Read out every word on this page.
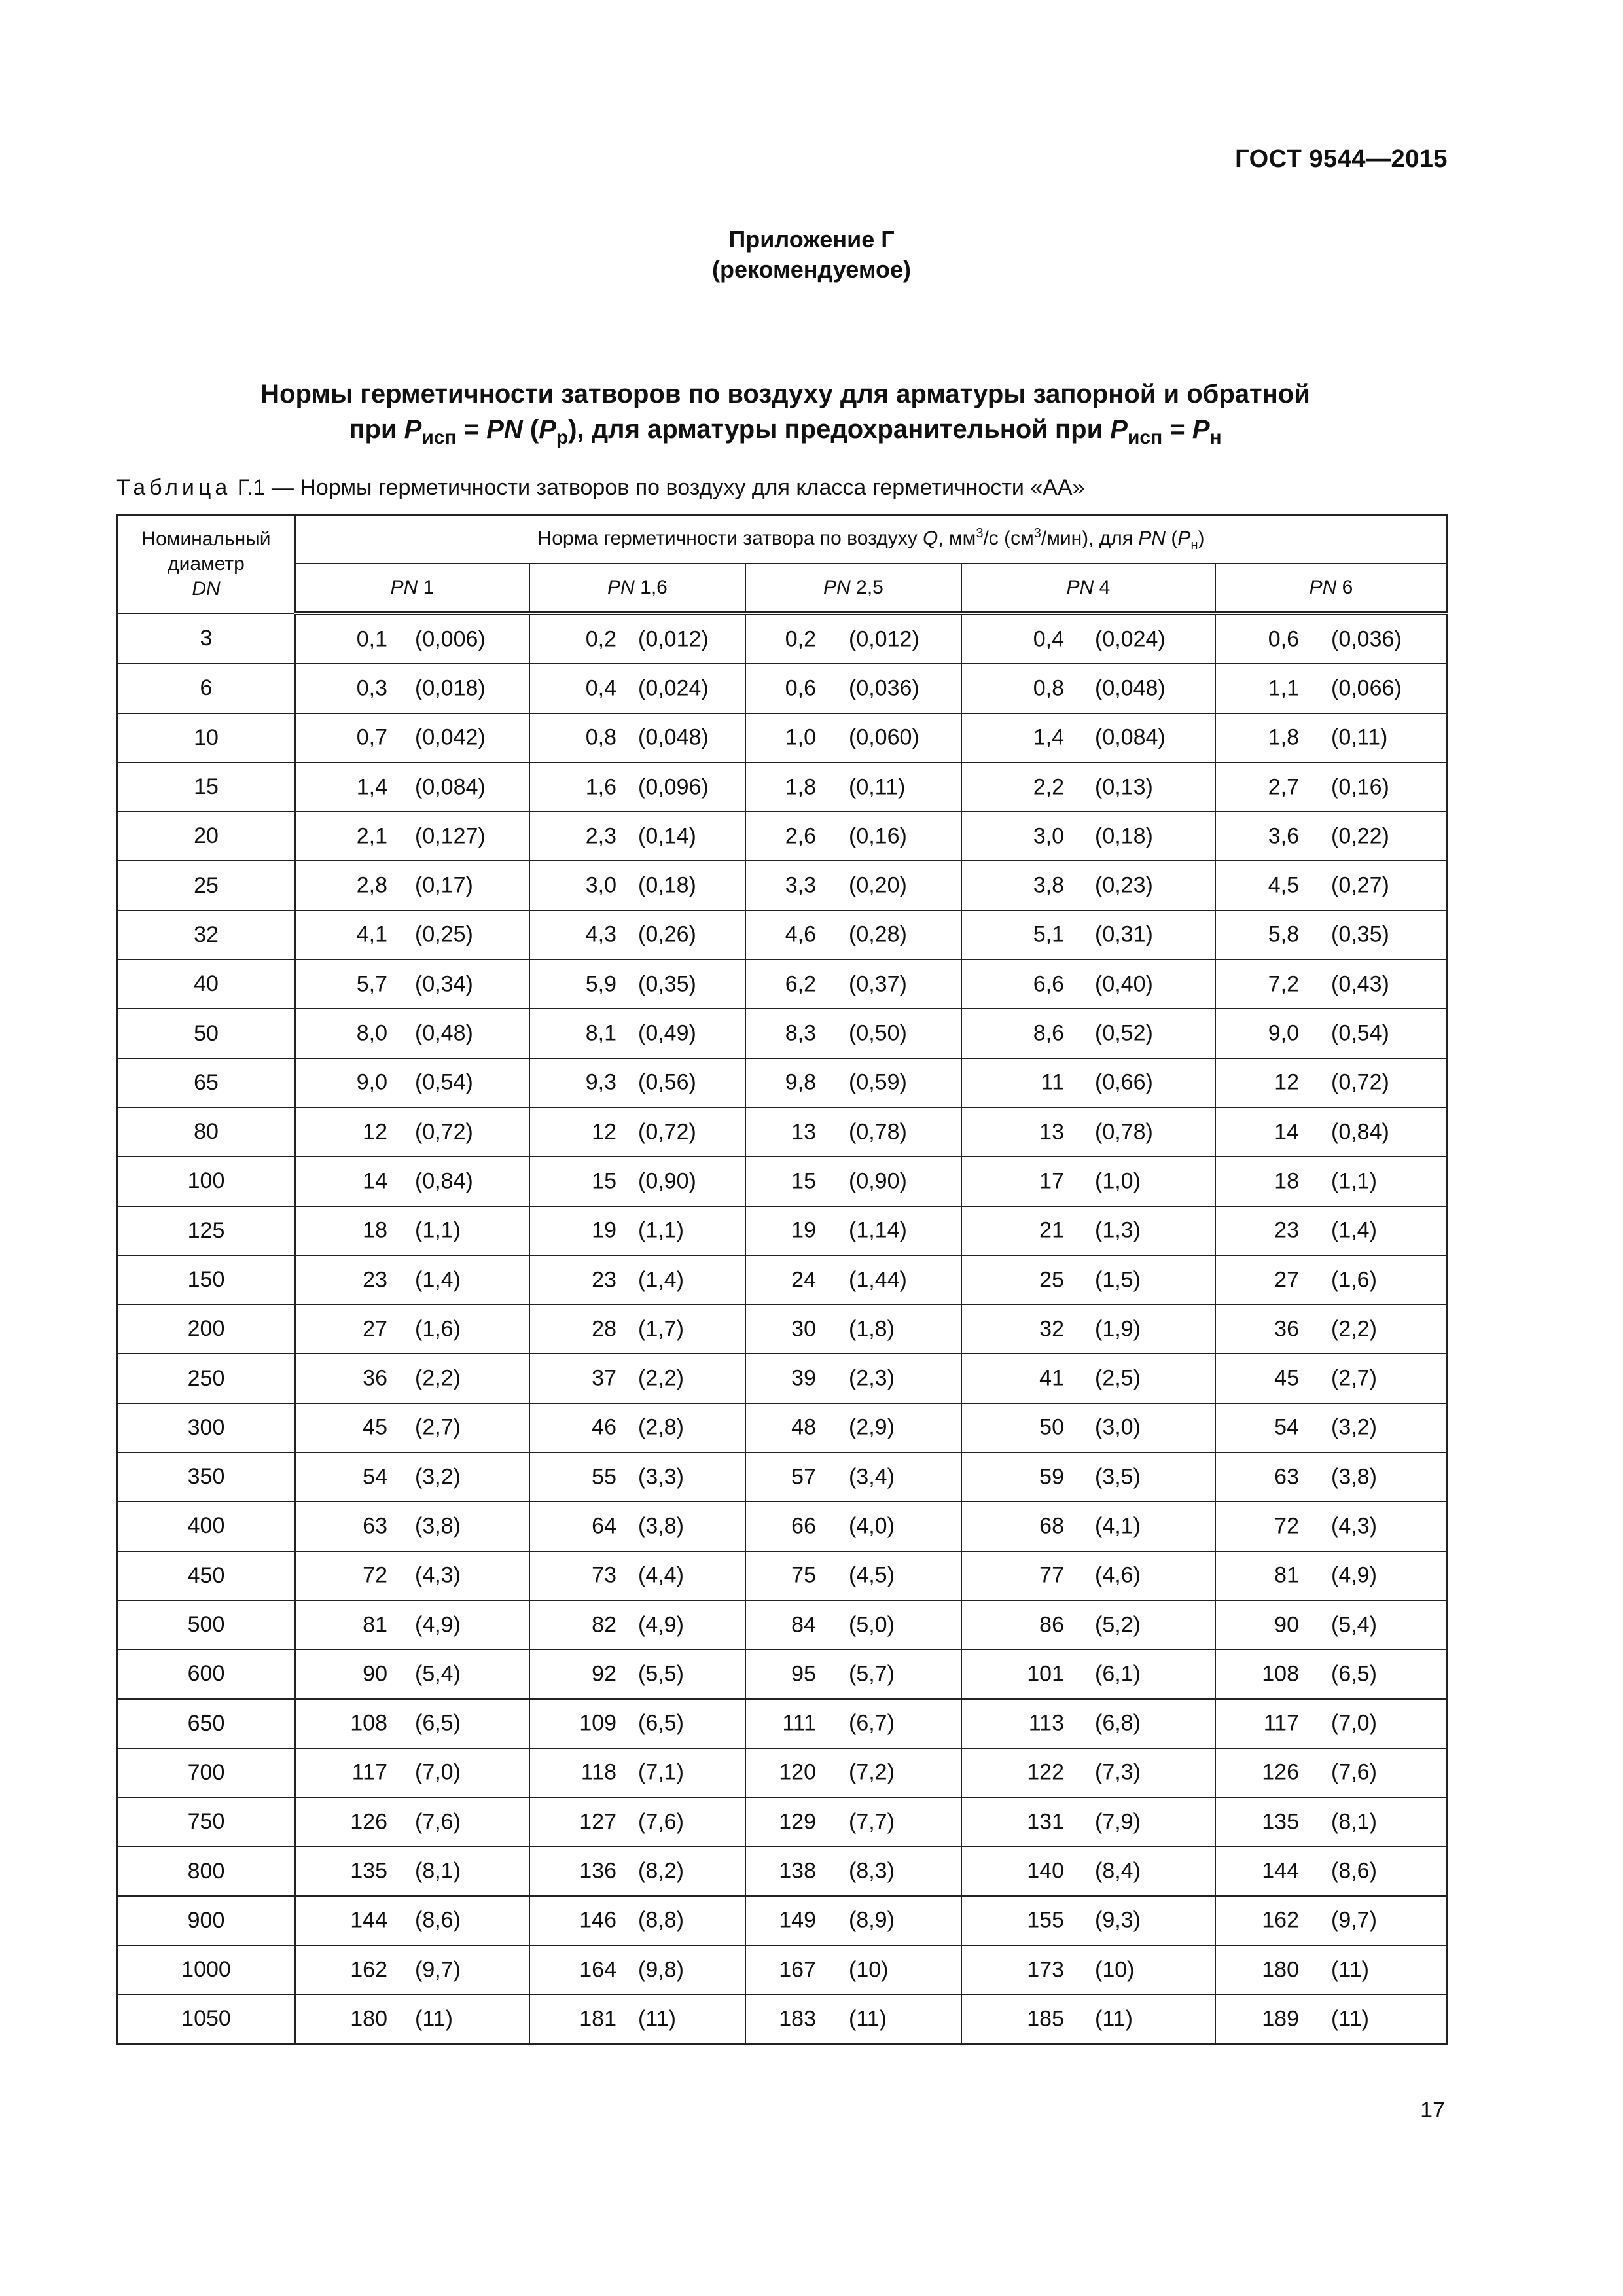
ГОСТ 9544—2015
Приложение Г
(рекомендуемое)
Нормы герметичности затворов по воздуху для арматуры запорной и обратной
при $P_{исп}$ = PN $(P_р)$, для арматуры предохранительной при $P_{исп} = P_н$
Таблица Г.1 — Нормы герметичности затворов по воздуху для класса герметичности «АА»
Номинальный
диаметр
DN	Норма герметичности затвора по воздуху Q, $мм^3/с$ $(см^3/мин)$, для PN $(P_н)$				
	PN 1	PN 1,6	PN 2,5	PN 4	PN 6
3	0,1 (0,006)	0,2 (0,012)	0,2 (0,012)	0,4 (0,024)	0,6 (0,036)

6	0,3 (0,018)	0,4 (0,024)	0,6 (0,036)	0,8 (0,048)	1,1 (0,066)

10	0,7 (0,042)	0,8 (0,048)	1,0 (0,060)	1,4 (0,084)	1,8 (0,11)

15	1,4 (0,084)	1,6 (0,096)	1,8 (0,11)	2,2 (0,13)	2,7 (0,16)

20	2,1 (0,127)	2,3 (0,14)	2,6 (0,16)	3,0 (0,18)	3,6 (0,22)

25	2,8 (0,17)	3,0 (0,18)	3,3 (0,20)	3,8 (0,23)	4,5 (0,27)

32	4,1 (0,25)	4,3 (0,26)	4,6 (0,28)	5,1 (0,31)	5,8 (0,35)

40	5,7 (0,34)	5,9 (0,35)	6,2 (0,37)	6,6 (0,40)	7,2 (0,43)

50	8,0 (0,48)	8,1 (0,49)	8,3 (0,50)	8,6 (0,52)	9,0 (0,54)

65	9,0 (0,54)	9,3 (0,56)	9,8 (0,59)	11 (0,66)	12 (0,72)

80	12 (0,72)	12 (0,72)	13 (0,78)	13 (0,78)	14 (0,84)

100	14 (0,84)	15 (0,90)	15 (0,90)	17 (1,0)	18 (1,1)

125	18 (1,1)	19 (1,1)	19 (1,14)	21 (1,3)	23 (1,4)

150	23 (1,4)	23 (1,4)	24 (1,44)	25 (1,5)	27 (1,6)

200	27 (1,6)	28 (1,7)	30 (1,8)	32 (1,9)	36 (2,2)

250	36 (2,2)	37 (2,2)	39 (2,3)	41 (2,5)	45 (2,7)

300	45 (2,7)	46 (2,8)	48 (2,9)	50 (3,0)	54 (3,2)

350	54 (3,2)	55 (3,3)	57 (3,4)	59 (3,5)	63 (3,8)

400	63 (3,8)	64 (3,8)	66 (4,0)	68 (4,1)	72 (4,3)

450	72 (4,3)	73 (4,4)	75 (4,5)	77 (4,6)	81 (4,9)

500	81 (4,9)	82 (4,9)	84 (5,0)	86 (5,2)	90 (5,4)

600	90 (5,4)	92 (5,5)	95 (5,7)	101 (6,1)	108 (6,5)

650	108 (6,5)	109 (6,5)	111 (6,7)	113 (6,8)	117 (7,0)

700	117 (7,0)	118 (7,1)	120 (7,2)	122 (7,3)	126 (7,6)

750	126 (7,6)	127 (7,6)	129 (7,7)	131 (7,9)	135 (8,1)

800	135 (8,1)	136 (8,2)	138 (8,3)	140 (8,4)	144 (8,6)

900	144 (8,6)	146 (8,8)	149 (8,9)	155 (9,3)	162 (9,7)

1000	162 (9,7)	164 (9,8)	167 (10)	173 (10)	180 (11)

1050	180 (11)	181 (11)	183 (11)	185 (11)	189 (11)
17
